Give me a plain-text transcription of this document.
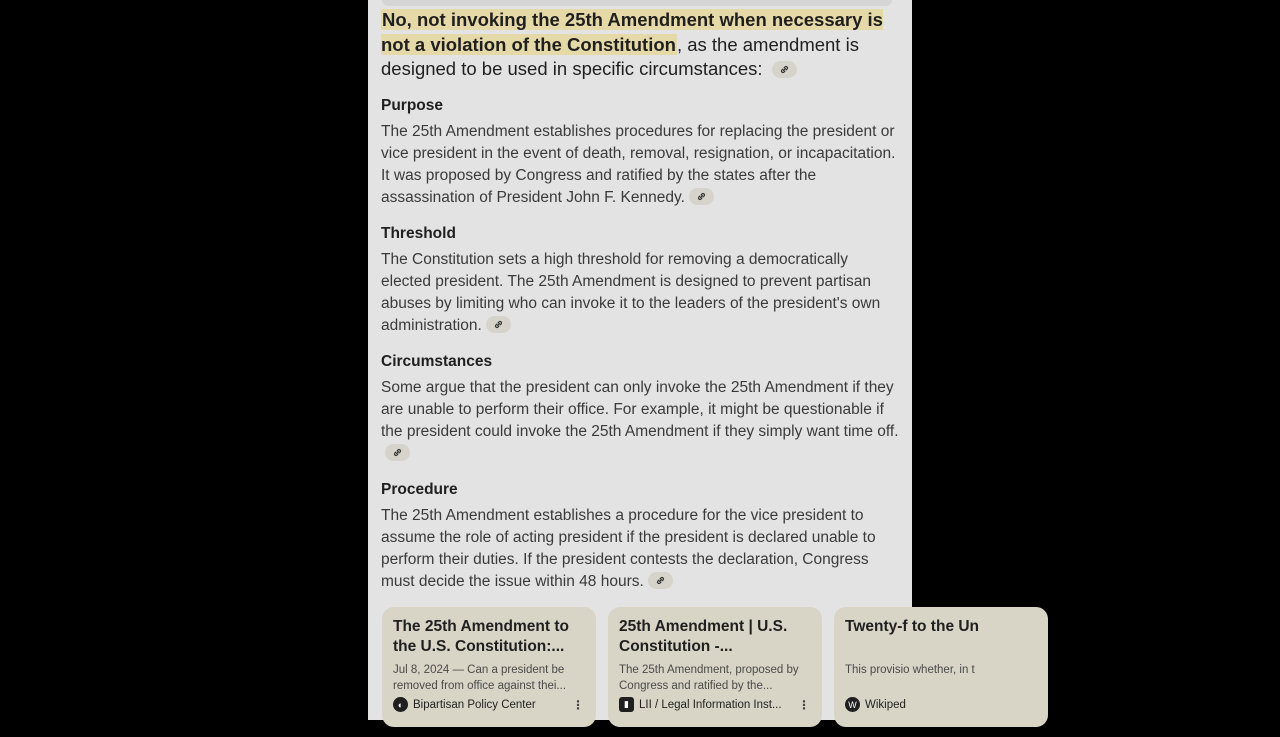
No, not invoking the 25th Amendment when necessary is not a violation of the Constitution, as the amendment is designed to be used in specific circumstances:

Purpose
The 25th Amendment establishes procedures for replacing the president or vice president in the event of death, removal, resignation, or incapacitation. It was proposed by Congress and ratified by the states after the assassination of President John F. Kennedy.
Threshold
The Constitution sets a high threshold for removing a democratically elected president. The 25th Amendment is designed to prevent partisan abuses by limiting who can invoke it to the leaders of the president's own administration.
Circumstances
Some argue that the president can only invoke the 25th Amendment if they are unable to perform their office. For example, it might be questionable if the president could invoke the 25th Amendment if they simply want time off.
Procedure
The 25th Amendment establishes a procedure for the vice president to assume the role of acting president if the president is declared unable to perform their duties. If the president contests the declaration, Congress must decide the issue within 48 hours.
The 25th Amendment to the U.S. Constitution:...
Jul 8, 2024 — Can a president be removed from office against thei...
◐ Bipartisan Policy Center	⋮
25th Amendment | U.S. Constitution -...
The 25th Amendment, proposed by Congress and ratified by the...
▮ LII / Legal Information Inst...	⋮
Twenty-f to the Un
This provisio whether, in t
W Wikiped
